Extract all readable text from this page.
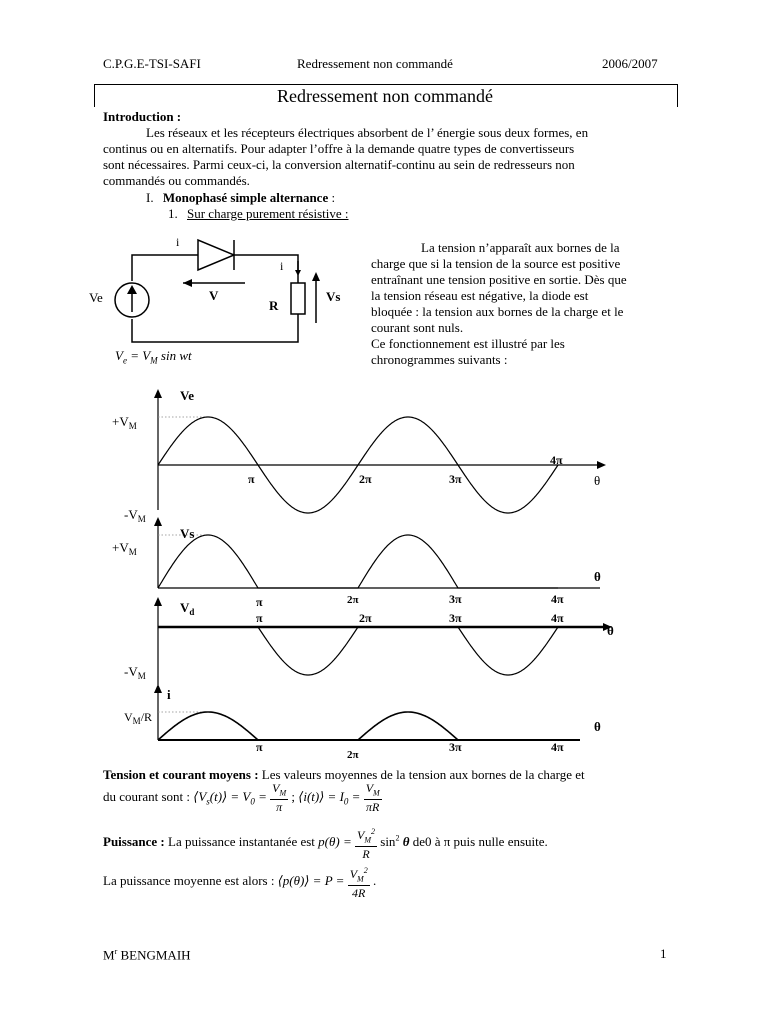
C.P.G.E-TSI-SAFI	Redressement non commandé	2006/2007
Redressement non commandé
Introduction :
Les réseaux et les récepteurs électriques absorbent de l’ énergie sous deux formes, en
continus ou en alternatifs. Pour adapter l’offre à la demande quatre types de convertisseurs
sont nécessaires. Parmi ceux-ci, la conversion alternatif-continu au sein de redresseurs non
commandés ou commandés.
I. Monophasé simple alternance :
1. Sur charge purement résistive :
i
i
Ve	V
R
Vs
$V_e = V_M$ sin wt
La tension n’apparaît aux bornes de la
charge que si la tension de la source est positive
entraînant une tension positive en sortie. Dès que
la tension réseau est négative, la diode est
bloquée : la tension aux bornes de la charge et le
courant sont nuls.
Ce fonctionnement est illustré par les
chronogrammes suivants :
Ve
$+V_M$
$-V_M$
π	2π	3π
4π
θ
Vs
$+V_M$
π	2π	3π	4π
θ
$V_d$
$-V_M$
π	2π	3π	4π
θ
i
$V_M/R$
π
2π
3π	4π
θ
Tension et courant moyens : Les valeurs moyennes de la tension aux bornes de la charge et
du courant sont : $⟨V_s(t)⟩ = V_0 = \frac{V_M}{\pi}$ ; ⟨i(t)⟩ = $I_0 = \frac{V_M}{\pi R}$
Puissance : La puissance instantanée est $p(\theta) = \frac{V_M^2}{R} \sin^2 \theta$ de0 à π puis nulle ensuite.
La puissance moyenne est alors : ⟨p(θ)⟩ = $P = \frac{V_M^2}{4R}$ .
$M^r$ BENGMAIH	1
